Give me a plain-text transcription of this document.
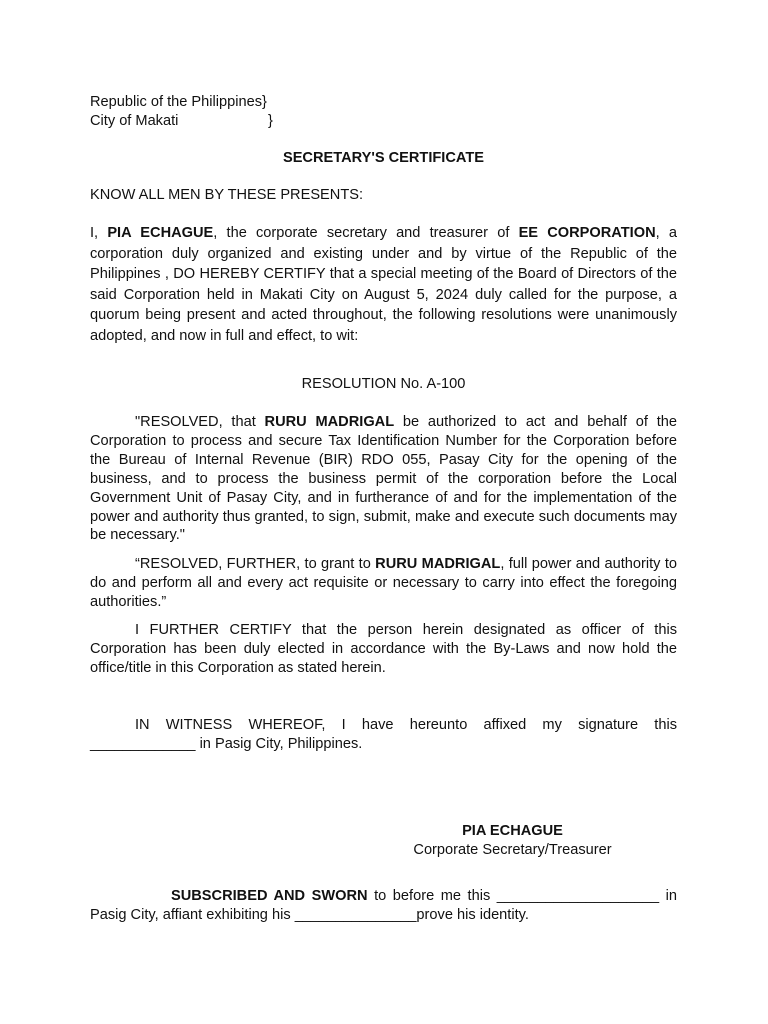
Republic of the Philippines}
City of Makati	}
SECRETARY'S CERTIFICATE
KNOW ALL MEN BY THESE PRESENTS:
I, PIA ECHAGUE, the corporate secretary and treasurer of EE CORPORATION, a corporation duly organized and existing under and by virtue of the Republic of the Philippines , DO HEREBY CERTIFY that a special meeting of the Board of Directors of the said Corporation held in Makati City on August 5, 2024 duly called for the purpose, a quorum being present and acted throughout, the following resolutions were unanimously adopted, and now in full and effect, to wit:
RESOLUTION No. A-100
"RESOLVED, that RURU MADRIGAL be authorized to act and behalf of the Corporation to process and secure Tax Identification Number for the Corporation before the Bureau of Internal Revenue (BIR) RDO 055, Pasay City for the opening of the business, and to process the business permit of the corporation before the Local Government Unit of Pasay City, and in furtherance of and for the implementation of the power and authority thus granted, to sign, submit, make and execute such documents may be necessary."
“RESOLVED, FURTHER, to grant to RURU MADRIGAL, full power and authority to do and perform all and every act requisite or necessary to carry into effect the foregoing authorities.”
I FURTHER CERTIFY that the person herein designated as officer of this Corporation has been duly elected in accordance with the By-Laws and now hold the office/title in this Corporation as stated herein.
IN WITNESS WHEREOF, I have hereunto affixed my signature this _____________ in Pasig City, Philippines.
PIA ECHAGUE
Corporate Secretary/Treasurer
SUBSCRIBED AND SWORN to before me this ____________________ in
Pasig City, affiant exhibiting his _______________prove his identity.
